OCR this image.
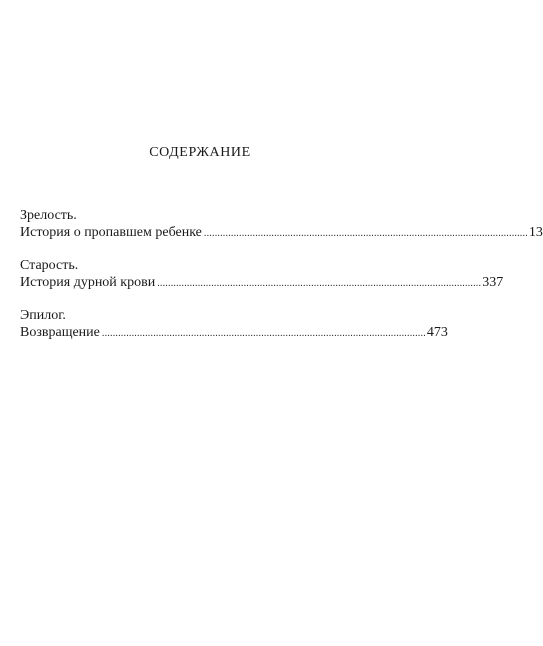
СОДЕРЖАНИЕ
Зрелость.
История о пропавшем ребенке ........................................................................................................................ 13
Старость.
История дурной крови ........................................................................................................................ 337
Эпилог.
Возвращение ........................................................................................................................ 473
